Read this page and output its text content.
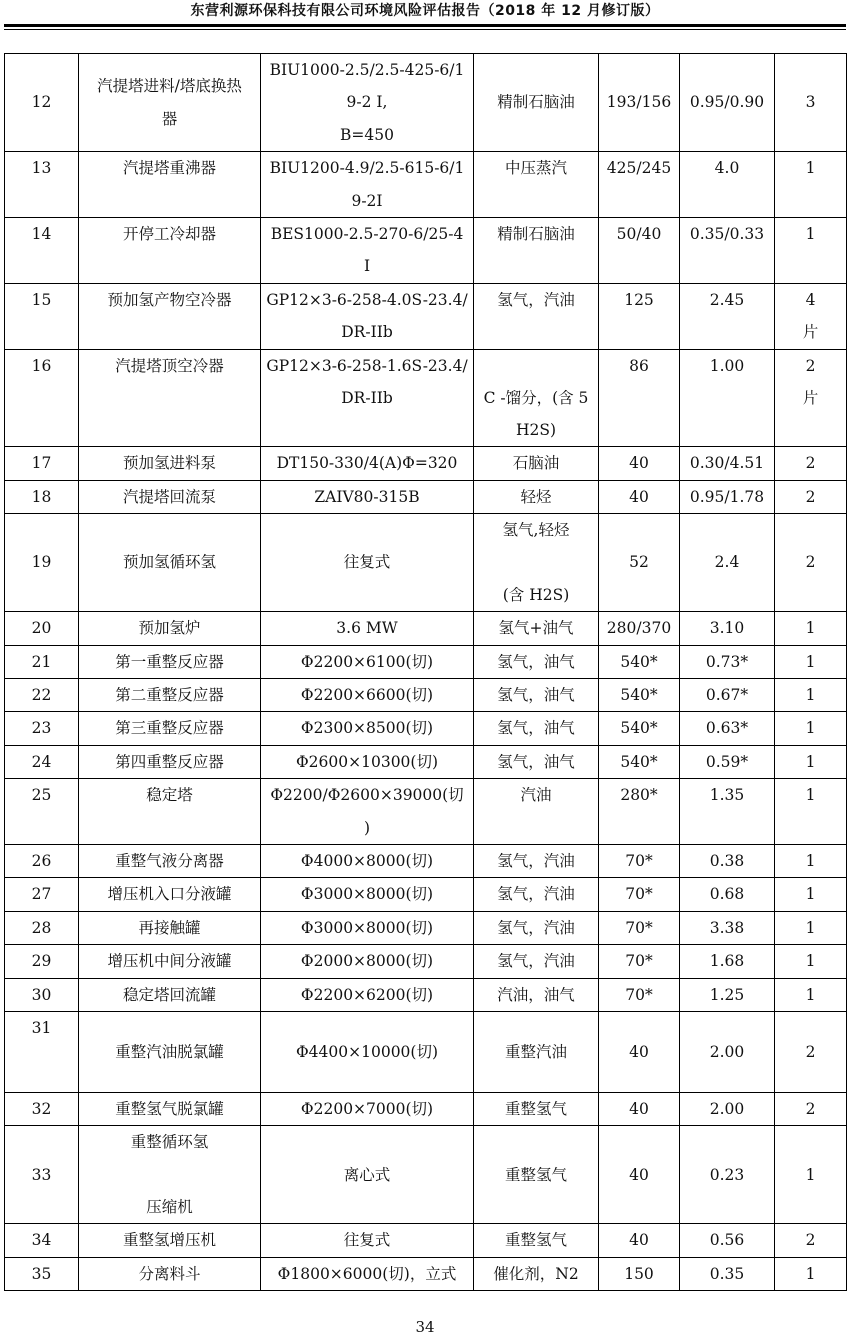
东营利源环保科技有限公司环境风险评估报告（2018 年 12 月修订版）
12	汽提塔进料/塔底换热
器	BIU1000-2.5/2.5-425-6/1
9-2 I,
B=450	精制石脑油	193/156	0.95/0.90	3

13	汽提塔重沸器	BIU1200-4.9/2.5-615-6/1
9-2I	中压蒸汽	425/245	4.0	1

14	开停工冷却器	BES1000-2.5-270-6/25-4
I	精制石脑油	50/40	0.35/0.33	1

15	预加氢产物空冷器	GP12×3-6-258-4.0S-23.4/
DR-IIb	氢气，汽油	125	2.45	4
片

16	汽提塔顶空冷器	GP12×3-6-258-1.6S-23.4/
DR-IIb	C -馏分，(含 5
H2S)	86	1.00	2
片

17	预加氢进料泵	DT150-330/4(A)Φ=320	石脑油	40	0.30/4.51	2

18	汽提塔回流泵	ZAIV80-315B	轻烃	40	0.95/1.78	2

19	预加氢循环氢	往复式	氢气,轻烃
(含 H2S)	52	2.4	2

20	预加氢炉	3.6 MW	氢气+油气	280/370	3.10	1

21	第一重整反应器	Φ2200×6100(切)	氢气，油气	540*	0.73*	1

22	第二重整反应器	Φ2200×6600(切)	氢气，油气	540*	0.67*	1

23	第三重整反应器	Φ2300×8500(切)	氢气，油气	540*	0.63*	1

24	第四重整反应器	Φ2600×10300(切)	氢气，油气	540*	0.59*	1

25	稳定塔	Φ2200/Φ2600×39000(切
)	汽油	280*	1.35	1

26	重整气液分离器	Φ4000×8000(切)	氢气，汽油	70*	0.38	1

27	增压机入口分液罐	Φ3000×8000(切)	氢气，汽油	70*	0.68	1

28	再接触罐	Φ3000×8000(切)	氢气，汽油	70*	3.38	1

29	增压机中间分液罐	Φ2000×8000(切)	氢气，汽油	70*	1.68	1

30	稳定塔回流罐	Φ2200×6200(切)	汽油，油气	70*	1.25	1

31	重整汽油脱氯罐	Φ4400×10000(切)	重整汽油	40	2.00	2

32	重整氢气脱氯罐	Φ2200×7000(切)	重整氢气	40	2.00	2

33	重整循环氢
压缩机	离心式	重整氢气	40	0.23	1

34	重整氢增压机	往复式	重整氢气	40	0.56	2

35	分离料斗	Φ1800×6000(切)，立式	催化剂，N2	150	0.35	1
34
